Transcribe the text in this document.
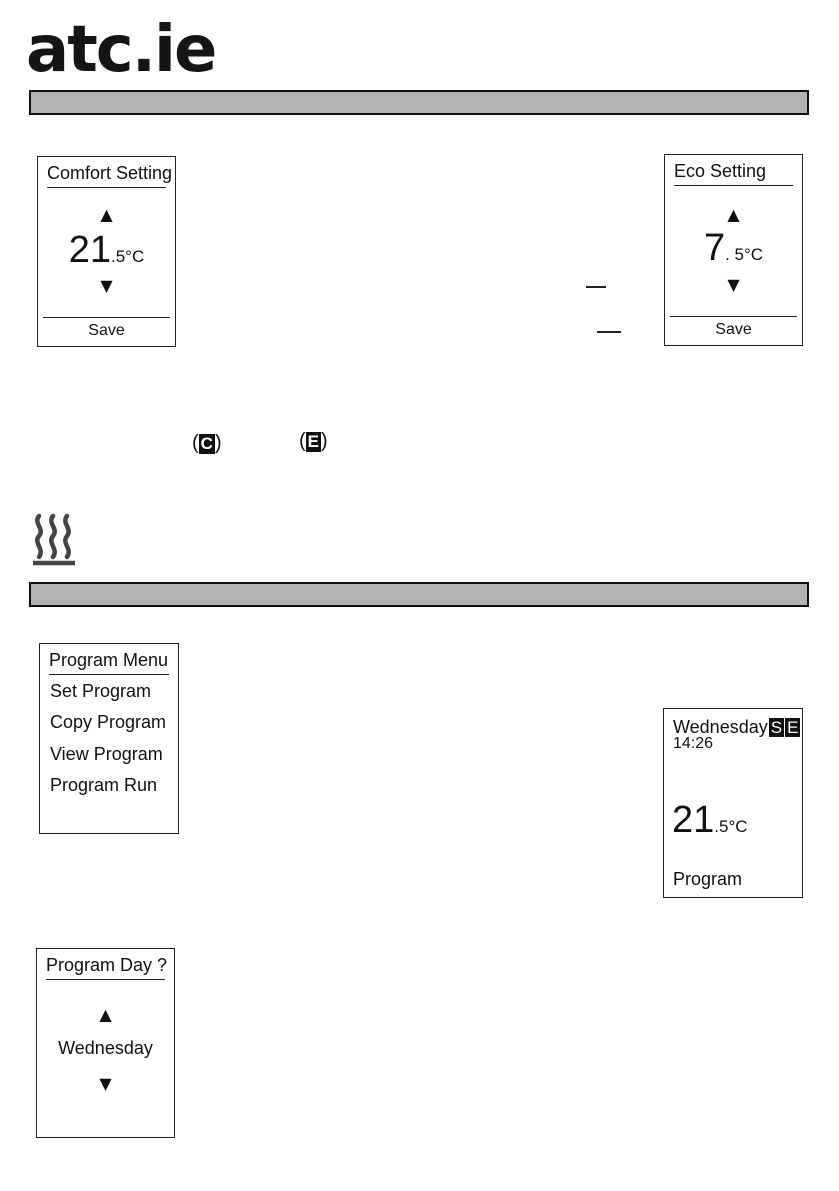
atc.ie
Comfort Setting
▲
21.5°C
▼
Save
Eco Setting
▲
7. 5°C
▼
Save
( C )	( E )
Program Menu
Set Program
Copy Program
View Program
Program Run
Wednesday S E
14:26
21.5°C
Program
Program Day ?
▲
Wednesday
▼
